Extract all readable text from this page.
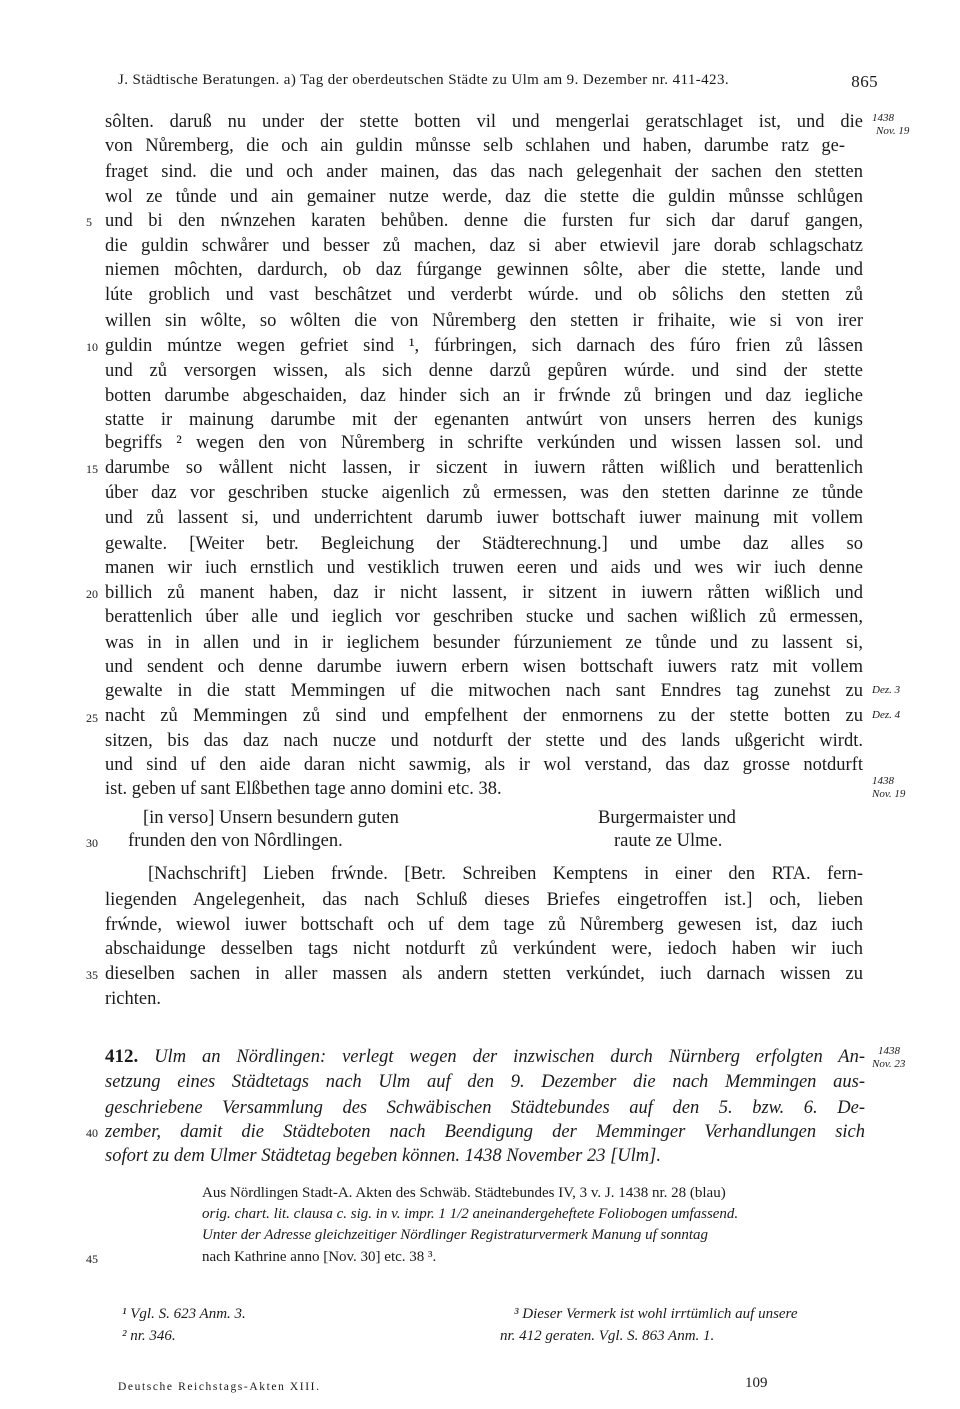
J. Städtische Beratungen. a) Tag der oberdeutschen Städte zu Ulm am 9. Dezember nr. 411-423.	865
sôlten. daruß nu under der stette botten vil und mengerlai geratschlaget ist, und die
von Nůremberg, die och ain guldin můnsse selb schlahen und haben, darumbe ratz ge-
fraget sind. die und och ander mainen, das das nach gelegenhait der sachen den stetten
wol ze tůnde und ain gemainer nutze werde, daz die stette die guldin můnsse schlůgen
und bi den nẃnzehen karaten behůben. denne die fursten fur sich dar daruf gangen,
die guldin schwårer und besser zů machen, daz si aber etwievil jare dorab schlagschatz
niemen môchten, dardurch, ob daz fúrgange gewinnen sôlte, aber die stette, lande und
lúte groblich und vast beschâtzet und verderbt wúrde. und ob sôlichs den stetten zů
willen sin wôlte, so wôlten die von Nůremberg den stetten ir frihaite, wie si von irer
guldin múntze wegen gefriet sind ¹, fúrbringen, sich darnach des fúro frien zů lâssen
und zů versorgen wissen, als sich denne darzů gepůren wúrde. und sind der stette
botten darumbe abgeschaiden, daz hinder sich an ir frẃnde zů bringen und daz iegliche
statte ir mainung darumbe mit der egenanten antwúrt von unsers herren des kunigs
begriffs ² wegen den von Nůremberg in schrifte verkúnden und wissen lassen sol. und
darumbe so wållent nicht lassen, ir siczent in iuwern råtten wißlich und berattenlich
úber daz vor geschriben stucke aigenlich zů ermessen, was den stetten darinne ze tůnde
und zů lassent si, und underrichtent darumb iuwer bottschaft iuwer mainung mit vollem
gewalte. [Weiter betr. Begleichung der Städterechnung.] und umbe daz alles so
manen wir iuch ernstlich und vestiklich truwen eeren und aids und wes wir iuch denne
billich zů manent haben, daz ir nicht lassent, ir sitzent in iuwern råtten wißlich und
berattenlich úber alle und ieglich vor geschriben stucke und sachen wißlich zů ermessen,
was in in allen und in ir ieglichem besunder fúrzuniement ze tůnde und zu lassent si,
und sendent och denne darumbe iuwern erbern wisen bottschaft iuwers ratz mit vollem
gewalte in die statt Memmingen uf die mitwochen nach sant Enndres tag zunehst zu
nacht zů Memmingen zů sind und empfelhent der enmornens zu der stette botten zu
sitzen, bis das daz nach nucze und notdurft der stette und des lands ußgericht wirdt.
und sind uf den aide daran nicht sawmig, als ir wol verstand, das daz grosse notdurft
ist. geben uf sant Elßbethen tage anno domini etc. 38.
[in verso] Unsern besundern guten
frunden den von Nôrdlingen.
Burgermaister und
raute ze Ulme.
[Nachschrift] Lieben frẃnde. [Betr. Schreiben Kemptens in einer den RTA. fern-
liegenden Angelegenheit, das nach Schluß dieses Briefes eingetroffen ist.] och, lieben
frẃnde, wiewol iuwer bottschaft och uf dem tage zů Nůremberg gewesen ist, daz iuch
abschaidunge desselben tags nicht notdurft zů verkúndent were, iedoch haben wir iuch
dieselben sachen in aller massen als andern stetten verkúndet, iuch darnach wissen zu
richten.
412. Ulm an Nördlingen: verlegt wegen der inzwischen durch Nürnberg erfolgten An-
setzung eines Städtetags nach Ulm auf den 9. Dezember die nach Memmingen aus-
geschriebene Versammlung des Schwäbischen Städtebundes auf den 5. bzw. 6. De-
zember, damit die Städteboten nach Beendigung der Memminger Verhandlungen sich
sofort zu dem Ulmer Städtetag begeben können. 1438 November 23 [Ulm].
Aus Nördlingen Stadt-A. Akten des Schwäb. Städtebundes IV, 3 v. J. 1438 nr. 28 (blau)
orig. chart. lit. clausa c. sig. in v. impr. 1 1/2 aneinandergeheftete Foliobogen umfassend.
Unter der Adresse gleichzeitiger Nördlinger Registraturvermerk Manung uf sonntag
nach Kathrine anno [Nov. 30] etc. 38 ³.
5
10
15
20
25
30
35
40
45
1438
Nov. 19
Dez. 3
Dez. 4
1438
Nov. 19
1438
Nov. 23
¹ Vgl. S. 623 Anm. 3.
² nr. 346.
³ Dieser Vermerk ist wohl irrtümlich auf unsere
nr. 412 geraten. Vgl. S. 863 Anm. 1.
Deutsche Reichstags-Akten XIII.	109
